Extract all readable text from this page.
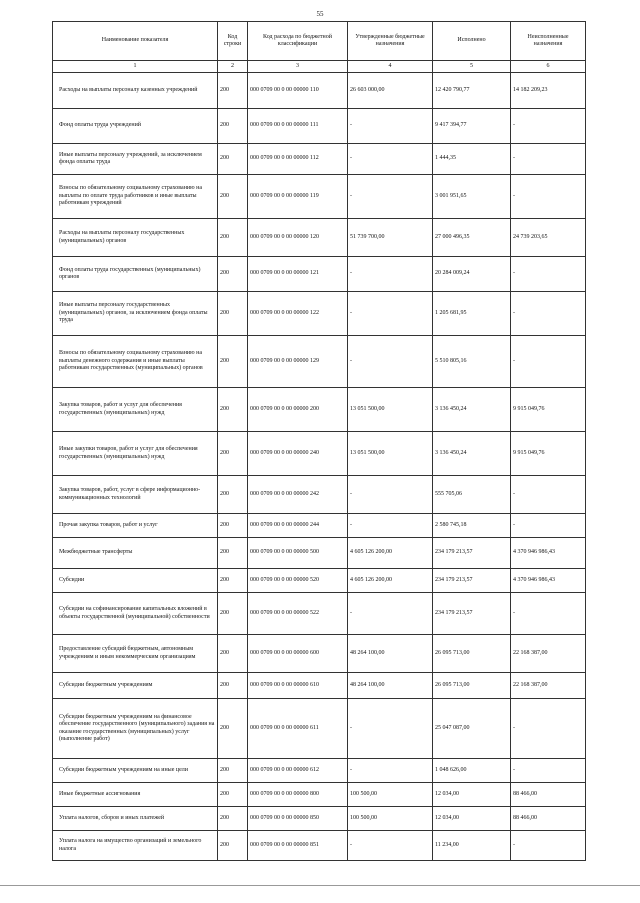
55
Наименование показателя	Код строки	Код расхода по бюджетной классификации	Утвержденные бюджетные назначения	Исполнено	Неисполненные назначения
1	2	3	4	5	6
Расходы на выплаты персоналу казенных учреждений	200	000 0709 00 0 00 00000 110	26 603 000,00	12 420 790,77	14 182 209,23
Фонд оплаты труда учреждений	200	000 0709 00 0 00 00000 111	-	9 417 394,77	-
Иные выплаты персоналу учреждений, за исключением фонда оплаты труда	200	000 0709 00 0 00 00000 112	-	1 444,35	-
Взносы по обязательному социальному страхованию на выплаты по оплате труда работников и иные выплаты работникам учреждений	200	000 0709 00 0 00 00000 119	-	3 001 951,65	-
Расходы на выплаты персоналу государственных (муниципальных) органов	200	000 0709 00 0 00 00000 120	51 739 700,00	27 000 496,35	24 739 203,65
Фонд оплаты труда государственных (муниципальных) органов	200	000 0709 00 0 00 00000 121	-	20 284 009,24	-
Иные выплаты персоналу государственных (муниципальных) органов, за исключением фонда оплаты труда	200	000 0709 00 0 00 00000 122	-	1 205 681,95	-
Взносы по обязательному социальному страхованию на выплаты денежного содержания и иные выплаты работникам государственных (муниципальных) органов	200	000 0709 00 0 00 00000 129	-	5 510 805,16	-
Закупка товаров, работ и услуг для обеспечения государственных (муниципальных) нужд	200	000 0709 00 0 00 00000 200	13 051 500,00	3 136 450,24	9 915 049,76
Иные закупки товаров, работ и услуг для обеспечения государственных (муниципальных) нужд	200	000 0709 00 0 00 00000 240	13 051 500,00	3 136 450,24	9 915 049,76
Закупка товаров, работ, услуг в сфере информационно-коммуникационных технологий	200	000 0709 00 0 00 00000 242	-	555 705,06	-
Прочая закупка товаров, работ и услуг	200	000 0709 00 0 00 00000 244	-	2 580 745,18	-
Межбюджетные трансферты	200	000 0709 00 0 00 00000 500	4 605 126 200,00	234 179 213,57	4 370 946 986,43
Субсидии	200	000 0709 00 0 00 00000 520	4 605 126 200,00	234 179 213,57	4 370 946 986,43
Субсидии на софинансирование капитальных вложений в объекты государственной (муниципальной) собственности	200	000 0709 00 0 00 00000 522	-	234 179 213,57	-
Предоставление субсидий бюджетным, автономным учреждениям и иным некоммерческим организациям	200	000 0709 00 0 00 00000 600	48 264 100,00	26 095 713,00	22 168 387,00
Субсидии бюджетным учреждениям	200	000 0709 00 0 00 00000 610	48 264 100,00	26 095 713,00	22 168 387,00
Субсидии бюджетным учреждениям на финансовое обеспечение государственного (муниципального) задания на оказание государственных (муниципальных) услуг (выполнение работ)	200	000 0709 00 0 00 00000 611	-	25 047 087,00	-
Субсидии бюджетным учреждениям на иные цели	200	000 0709 00 0 00 00000 612	-	1 048 626,00	-
Иные бюджетные ассигнования	200	000 0709 00 0 00 00000 800	100 500,00	12 034,00	88 466,00
Уплата налогов, сборов и иных платежей	200	000 0709 00 0 00 00000 850	100 500,00	12 034,00	88 466,00
Уплата налога на имущество организаций и земельного налога	200	000 0709 00 0 00 00000 851	-	11 234,00	-
